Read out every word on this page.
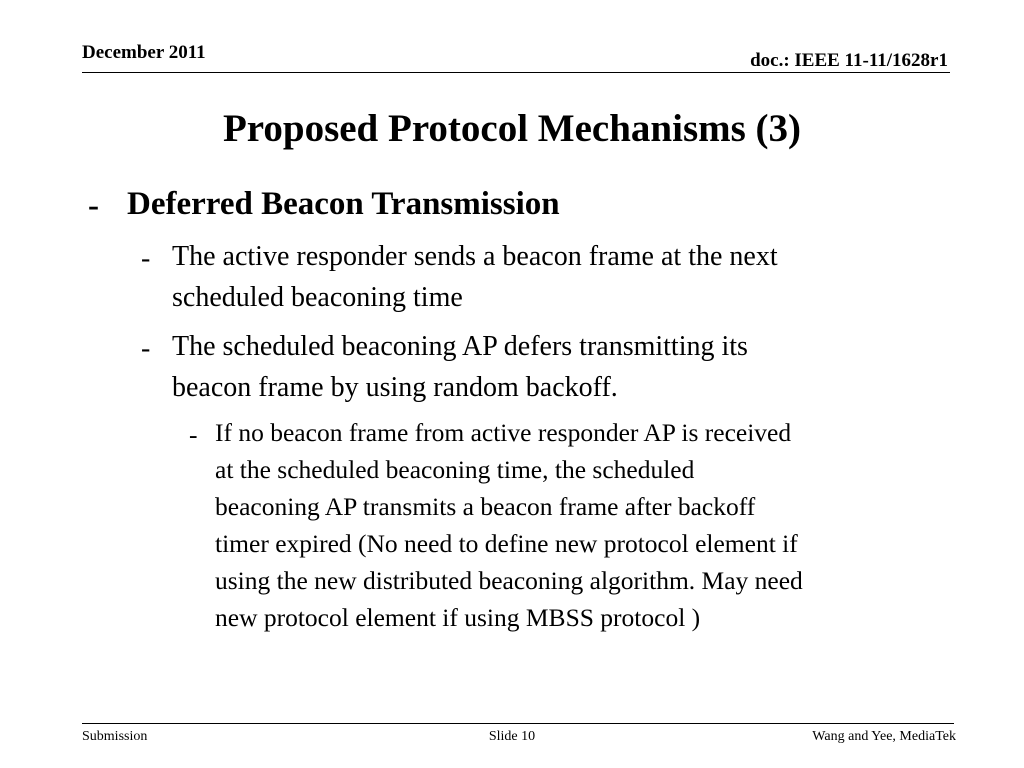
December 2011	doc.: IEEE 11-11/1628r1
Proposed Protocol Mechanisms (3)
- Deferred Beacon Transmission
- The active responder sends a beacon frame at the next
scheduled beaconing time
- The scheduled beaconing AP defers transmitting its
beacon frame by using random backoff.
- If no beacon frame from active responder AP is received
at the scheduled beaconing time, the scheduled
beaconing AP transmits a beacon frame after backoff
timer expired (No need to define new protocol element if
using the new distributed beaconing algorithm. May need
new protocol element if using MBSS protocol )
Submission	Slide 10	Wang and Yee, MediaTek
